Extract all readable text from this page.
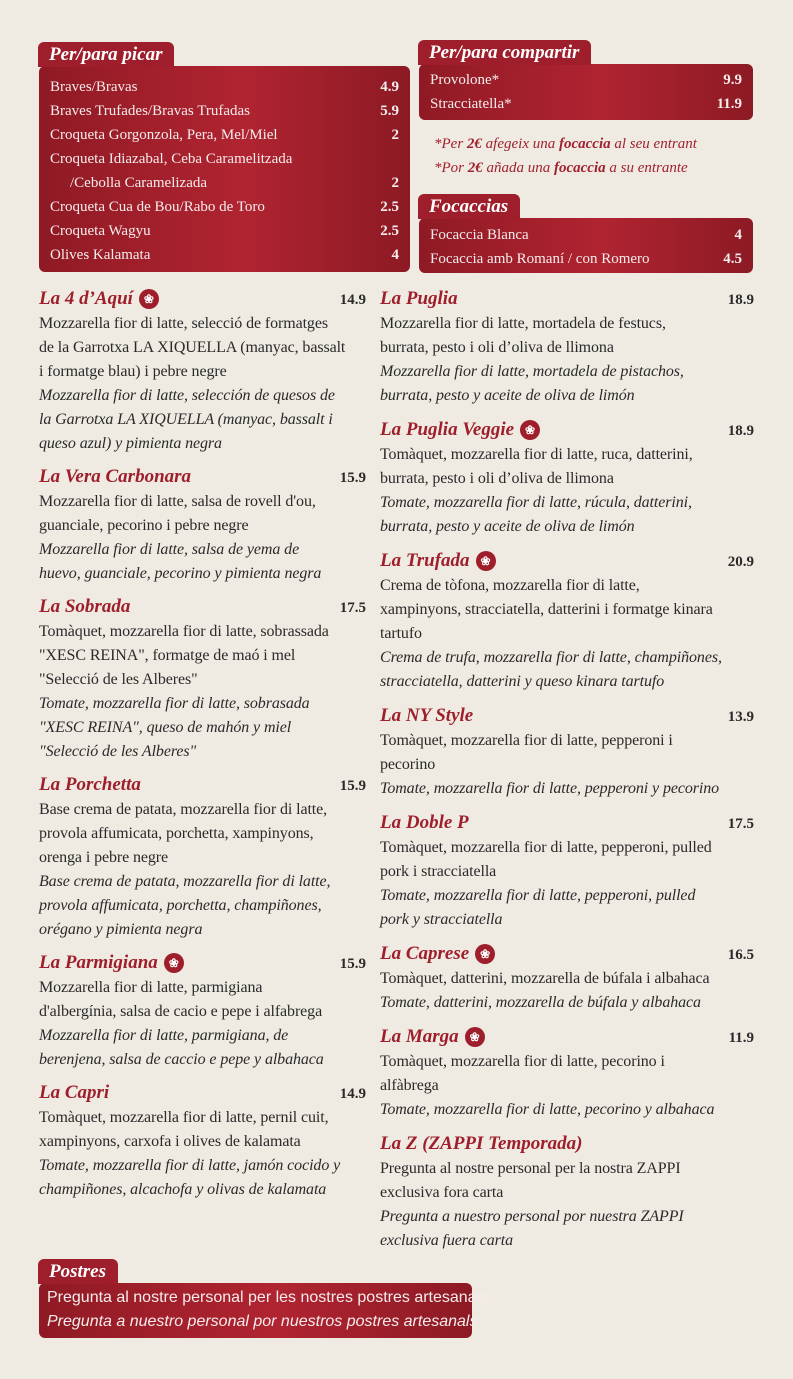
Per/para picar
Braves/Bravas	4.9
Braves Trufades/Bravas Trufadas	5.9
Croqueta Gorgonzola, Pera, Mel/Miel	2
Croqueta Idiazabal, Ceba Caramelitzada
/Cebolla Caramelizada	2
Croqueta Cua de Bou/Rabo de Toro	2.5
Croqueta Wagyu	2.5
Olives Kalamata	4
Per/para compartir
Provolone*	9.9
Stracciatella*	11.9
*Per 2€ afegeix una focaccia al seu entrant
*Por 2€ añada una focaccia a su entrante
Focaccias
Focaccia Blanca	4
Focaccia amb Romaní / con Romero	4.5
La 4 d’Aquí ❀	14.9
Mozzarella fior di latte, selecció de formatges
de la Garrotxa LA XIQUELLA (manyac, bassalt
i formatge blau) i pebre negre
Mozzarella fior di latte, selección de quesos de
la Garrotxa LA XIQUELLA (manyac, bassalt i
queso azul) y pimienta negra
La Vera Carbonara	15.9
Mozzarella fior di latte, salsa de rovell d'ou,
guanciale, pecorino i pebre negre
Mozzarella fior di latte, salsa de yema de
huevo, guanciale, pecorino y pimienta negra
La Sobrada	17.5
Tomàquet, mozzarella fior di latte, sobrassada
"XESC REINA", formatge de maó i mel
"Selecció de les Alberes"
Tomate, mozzarella fior di latte, sobrasada
"XESC REINA", queso de mahón y miel
"Selecció de les Alberes"
La Porchetta	15.9
Base crema de patata, mozzarella fior di latte,
provola affumicata, porchetta, xampinyons,
orenga i pebre negre
Base crema de patata, mozzarella fior di latte,
provola affumicata, porchetta, champiñones,
orégano y pimienta negra
La Parmigiana ❀	15.9
Mozzarella fior di latte, parmigiana
d'albergínia, salsa de cacio e pepe i alfabrega
Mozzarella fior di latte, parmigiana, de
berenjena, salsa de caccio e pepe y albahaca
La Capri	14.9
Tomàquet, mozzarella fior di latte, pernil cuit,
xampinyons, carxofa i olives de kalamata
Tomate, mozzarella fior di latte, jamón cocido y
champiñones, alcachofa y olivas de kalamata
La Puglia	18.9
Mozzarella fior di latte, mortadela de festucs,
burrata, pesto i oli d’oliva de llimona
Mozzarella fior di latte, mortadela de pistachos,
burrata, pesto y aceite de oliva de limón
La Puglia Veggie ❀	18.9
Tomàquet, mozzarella fior di latte, ruca, datterini,
burrata, pesto i oli d’oliva de llimona
Tomate, mozzarella fior di latte, rúcula, datterini,
burrata, pesto y aceite de oliva de limón
La Trufada ❀	20.9
Crema de tòfona, mozzarella fior di latte,
xampinyons, stracciatella, datterini i formatge kinara
tartufo
Crema de trufa, mozzarella fior di latte, champiñones,
stracciatella, datterini y queso kinara tartufo
La NY Style	13.9
Tomàquet, mozzarella fior di latte, pepperoni i
pecorino
Tomate, mozzarella fior di latte, pepperoni y pecorino
La Doble P	17.5
Tomàquet, mozzarella fior di latte, pepperoni, pulled
pork i stracciatella
Tomate, mozzarella fior di latte, pepperoni, pulled
pork y stracciatella
La Caprese ❀	16.5
Tomàquet, datterini, mozzarella de búfala i albahaca
Tomate, datterini, mozzarella de búfala y albahaca
La Marga ❀	11.9
Tomàquet, mozzarella fior di latte, pecorino i
alfàbrega
Tomate, mozzarella fior di latte, pecorino y albahaca
La Z (ZAPPI Temporada)
Pregunta al nostre personal per la nostra ZAPPI
exclusiva fora carta
Pregunta a nuestro personal por nuestra ZAPPI
exclusiva fuera carta
Postres
Pregunta al nostre personal per les nostres postres artesanals
Pregunta a nuestro personal por nuestros postres artesanals
